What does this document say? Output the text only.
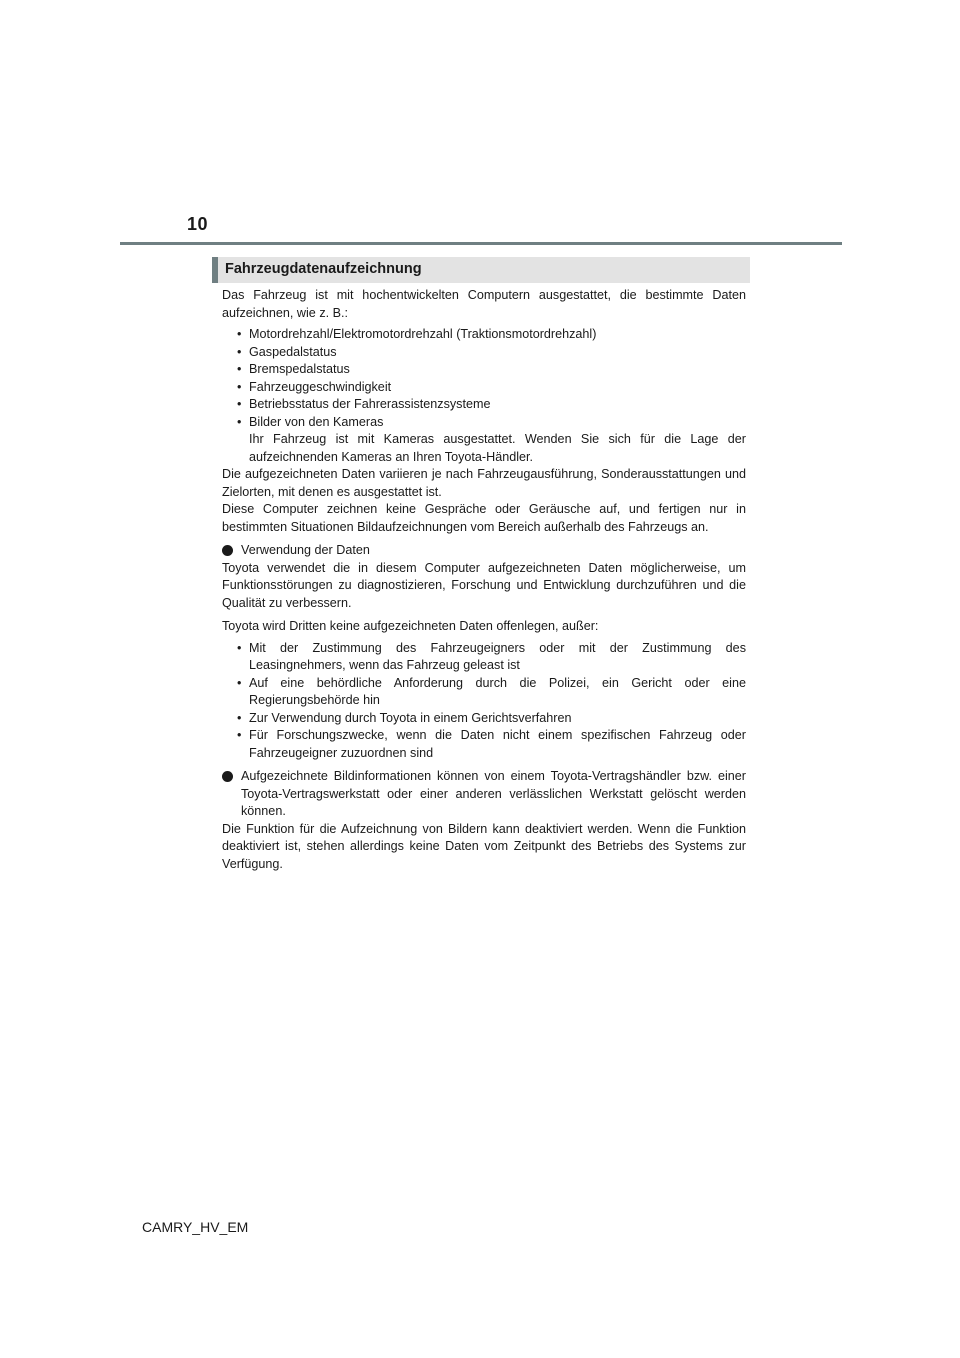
10
Fahrzeugdatenaufzeichnung

Das Fahrzeug ist mit hochentwickelten Computern ausgestattet, die bestimmte Daten aufzeichnen, wie z. B.:

• Motordrehzahl/Elektromotordrehzahl (Traktionsmotordrehzahl)
• Gaspedalstatus
• Bremspedalstatus
• Fahrzeuggeschwindigkeit
• Betriebsstatus der Fahrerassistenzsysteme
• Bilder von den Kameras
Ihr Fahrzeug ist mit Kameras ausgestattet. Wenden Sie sich für die Lage der aufzeichnenden Kameras an Ihren Toyota-Händler.

Die aufgezeichneten Daten variieren je nach Fahrzeugausführung, Sonderausstattungen und Zielorten, mit denen es ausgestattet ist.

Diese Computer zeichnen keine Gespräche oder Geräusche auf, und fertigen nur in bestimmten Situationen Bildaufzeichnungen vom Bereich außerhalb des Fahrzeugs an.

Verwendung der Daten

Toyota verwendet die in diesem Computer aufgezeichneten Daten möglicherweise, um Funktionsstörungen zu diagnostizieren, Forschung und Entwicklung durchzuführen und die Qualität zu verbessern.

Toyota wird Dritten keine aufgezeichneten Daten offenlegen, außer:

• Mit der Zustimmung des Fahrzeugeigners oder mit der Zustimmung des Leasingnehmers, wenn das Fahrzeug geleast ist
• Auf eine behördliche Anforderung durch die Polizei, ein Gericht oder eine Regierungsbehörde hin
• Zur Verwendung durch Toyota in einem Gerichtsverfahren
• Für Forschungszwecke, wenn die Daten nicht einem spezifischen Fahrzeug oder Fahrzeugeigner zuzuordnen sind
Aufgezeichnete Bildinformationen können von einem Toyota-Vertragshändler bzw. einer Toyota-Vertragswerkstatt oder einer anderen verlässlichen Werkstatt gelöscht werden können.

Die Funktion für die Aufzeichnung von Bildern kann deaktiviert werden. Wenn die Funktion deaktiviert ist, stehen allerdings keine Daten vom Zeitpunkt des Betriebs des Systems zur Verfügung.

CAMRY_HV_EM
